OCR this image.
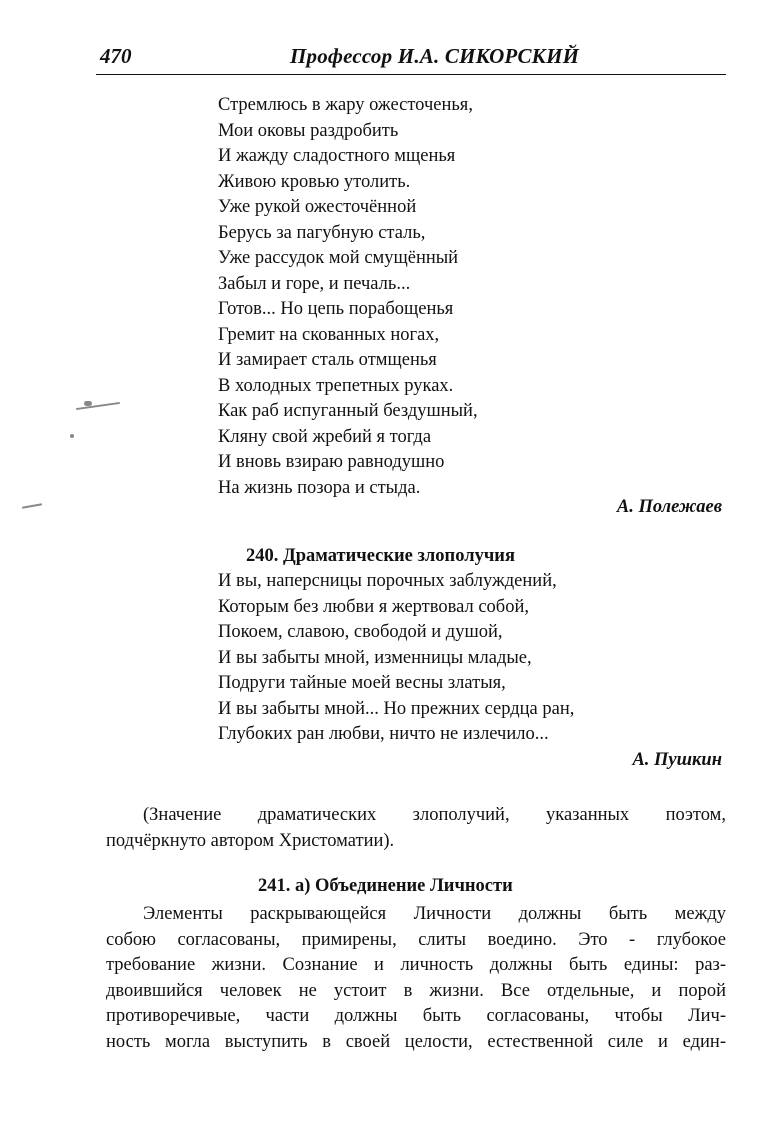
470	Профессор И.А. СИКОРСКИЙ
Стремлюсь в жару ожесточенья,
Мои оковы раздробить
И жажду сладостного мщенья
Живою кровью утолить.
Уже рукой ожесточённой
Берусь за пагубную сталь,
Уже рассудок мой смущённый
Забыл и горе, и печаль...
Готов... Но цепь порабощенья
Гремит на скованных ногах,
И замирает сталь отмщенья
В холодных трепетных руках.
Как раб испуганный бездушный,
Кляну свой жребий я тогда
И вновь взираю равнодушно
На жизнь позора и стыда.
А. Полежаев
240. Драматические злополучия
И вы, наперсницы порочных заблуждений,
Которым без любви я жертвовал собой,
Покоем, славою, свободой и душой,
И вы забыты мной, изменницы младые,
Подруги тайные моей весны златыя,
И вы забыты мной... Но прежних сердца ран,
Глубоких ран любви, ничто не излечило...
А. Пушкин
(Значение драматических злополучий, указанных поэтом,
подчёркнуто автором Христоматии).
241. а) Объединение Личности
Элементы раскрывающейся Личности должны быть между
собою согласованы, примирены, слиты воедино. Это - глубокое
требование жизни. Сознание и личность должны быть едины: раз-
двоившийся человек не устоит в жизни. Все отдельные, и порой
противоречивые, части должны быть согласованы, чтобы Лич-
ность могла выступить в своей целости, естественной силе и един-
